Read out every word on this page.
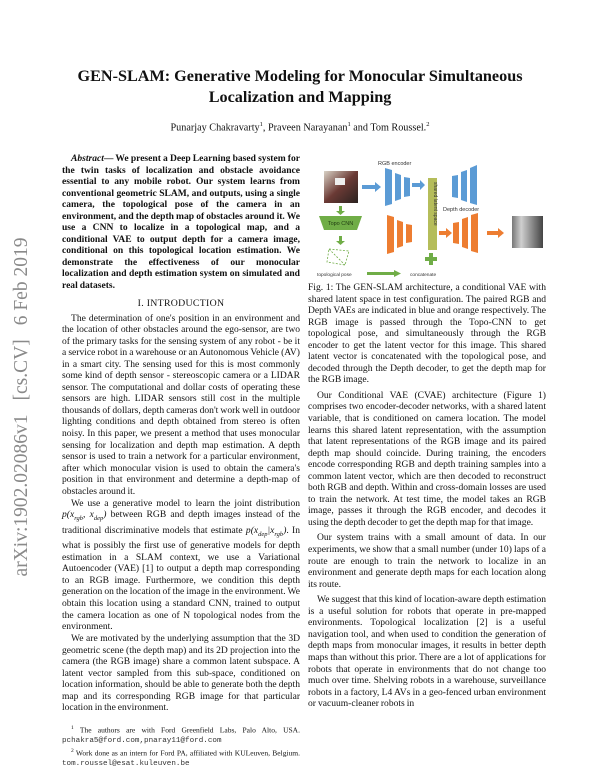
arXiv:1902.02086v1[cs.CV]6 Feb 2019
GEN-SLAM: Generative Modeling for Monocular Simultaneous Localization and Mapping
Punarjay Chakravarty$^1$, Praveen Narayanan$^1$ and Tom Roussel.$^2$

Abstract— We present a Deep Learning based system for the twin tasks of localization and obstacle avoidance essential to any mobile robot. Our system learns from conventional geometric SLAM, and outputs, using a single camera, the topological pose of the camera in an environment, and the depth map of obstacles around it. We use a CNN to localize in a topological map, and a conditional VAE to output depth for a camera image, conditional on this topological location estimation. We demonstrate the effectiveness of our monocular localization and depth estimation system on simulated and real datasets.

I. INTRODUCTION

The determination of one's position in an environment and the location of other obstacles around the ego-sensor, are two of the primary tasks for the sensing system of any robot - be it a service robot in a warehouse or an Autonomous Vehicle (AV) in a smart city. The sensing used for this is most commonly some kind of depth sensor - stereoscopic camera or a LIDAR sensor. The computational and dollar costs of operating these sensors are high. LIDAR sensors still cost in the multiple thousands of dollars, depth cameras don't work well in outdoor lighting conditions and depth obtained from stereo is often noisy. In this paper, we present a method that uses monocular sensing for localization and depth map estimation. A depth sensor is used to train a network for a particular environment, after which monocular vision is used to obtain the camera's position in that environment and determine a depth-map of obstacles around it.

We use a generative model to learn the joint distribution $p(x_{rgb}$, $x_{dep}$) between RGB and depth images instead of the traditional discriminative models that estimate $p(x_{dep}|x_{rgb})$. In what is possibly the first use of generative models for depth estimation in a SLAM context, we use a Variational Autoencoder (VAE) [1] to output a depth map corresponding to an RGB image. Furthermore, we condition this depth generation on the location of the image in the environment. We obtain this location using a standard CNN, trained to output the camera location as one of N topological nodes from the environment.

We are motivated by the underlying assumption that the 3D geometric scene (the depth map) and its 2D projection into the camera (the RGB image) share a common latent subspace. A latent vector sampled from this sub-space, conditioned on location information, should be able to generate both the depth map and its corresponding RGB image for that particular location in the environment.

$^1$ The authors are with Ford Greenfield Labs, Palo Alto, USA. pchakra5@ford.com,pnaray11@ford.com

$^2$ Work done as an intern for Ford PA, affiliated with KULeuven, Belgium. tom.roussel@esat.kuleuven.be

RGB encoder
shared latent space Depth decoder
Topo CNN
topological pose	concatenate

Fig. 1: The GEN-SLAM architecture, a conditional VAE with shared latent space in test configuration. The paired RGB and Depth VAEs are indicated in blue and orange respectively. The RGB image is passed through the Topo-CNN to get topological pose, and simultaneously through the RGB encoder to get the latent vector for this image. This shared latent vector is concatenated with the topological pose, and decoded through the Depth decoder, to get the depth map for the RGB image.

Our Conditional VAE (CVAE) architecture (Figure 1) comprises two encoder-decoder networks, with a shared latent variable, that is conditioned on camera location. The model learns this shared latent representation, with the assumption that latent representations of the RGB image and its paired depth map should coincide. During training, the encoders encode corresponding RGB and depth training samples into a common latent vector, which are then decoded to reconstruct both RGB and depth. Within and cross-domain losses are used to train the network. At test time, the model takes an RGB image, passes it through the RGB encoder, and decodes it using the depth decoder to get the depth map for that image.

Our system trains with a small amount of data. In our experiments, we show that a small number (under 10) laps of a route are enough to train the network to localize in an environment and generate depth maps for each location along its route.

We suggest that this kind of location-aware depth estimation is a useful solution for robots that operate in pre-mapped environments. Topological localization [2] is a useful navigation tool, and when used to condition the generation of depth maps from monocular images, it results in better depth maps than without this prior. There are a lot of applications for robots that operate in environments that do not change too much over time. Shelving robots in a warehouse, surveillance robots in a factory, L4 AVs in a geo-fenced urban environment or vacuum-cleaner robots in
